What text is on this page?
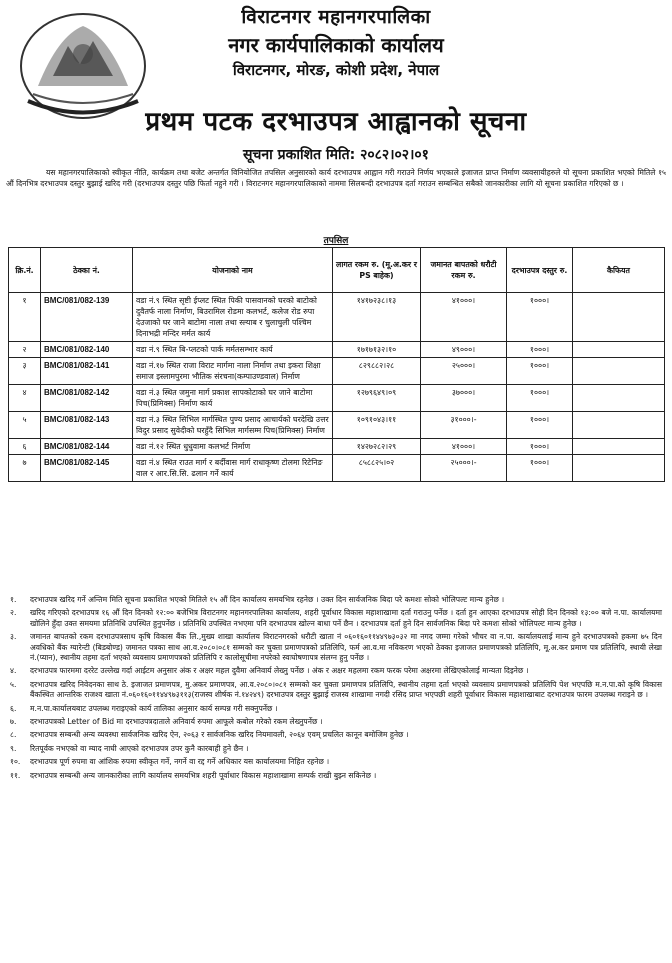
विराटनगर महानगरपालिका
नगर कार्यपालिकाको कार्यालय
विराटनगर, मोरङ, कोशी प्रदेश, नेपाल
प्रथम पटक दरभाउपत्र आह्वानको सूचना
सूचना प्रकाशित मिति: २०८२।०२।०१
यस महानगरपालिकाको स्वीकृत नीति, कार्यक्रम तथा बजेट अन्तर्गत विनियोजित तपसिल अनुसारको कार्य दरभाउपत्र आह्वान गरी गराउने निर्णय भएकाले इजाजत प्राप्त निर्माण व्यवसायीहरुले यो सूचना प्रकाशित भएको मितिले १५ औं दिनभित्र दरभाउपत्र दस्तुर बुझाई खरिद गरी (दरभाउपत्र दस्तुर पछि फिर्ता नहुने गरी । विराटनगर महानगरपालिकाको नाममा सिलबन्दी दरभाउपत्र दर्ता गराउन सम्बन्धित सबैको जानकारीका लागि यो सूचना प्रकाशित गरिएको छ ।
तपसिल
क्रि.नं.	ठेक्का नं.	योजनाको नाम	लागत रकम रु. (मू.अ.कर र PS बाहेक)	जमानत बापतको धरौटी रकम रु.	दरभाउपत्र दस्तुर रु.	कैफियत
१	BMC/081/082-139	वडा नं.९ स्थित सृष्टी ईप्लट स्थित पिकी पासवानको घरको बाटोको दुवैतर्फ नाला निर्माण, बिउरामिल रोडमा कलभर्ट, कलेज रोड रुपा देउजाको घर जाने बाटोमा नाला तथा स्ल्याब र चुलाचुली पश्चिम दिनाभद्री मन्दिर मर्मत कार्य	१४१७२३८।१३	४१०००।	१०००।	
२	BMC/081/082-140	वडा नं.९ स्थित बि-प्लटको पार्क मर्मतसम्भार कार्य	१७१७१३२।१०	४९०००।	१०००।	
३	BMC/081/082-141	वडा नं.१७ स्थित राजा विराट मार्गमा नाला निर्माण तथा इकरा शिक्षा समाज इस्लामपुरमा भौतिक संरचना(कम्पाउण्डवाल) निर्माण	८२९८८२।२८	२५०००।	१०००।	
४	BMC/081/082-142	वडा नं.३ स्थित जमुना मार्ग प्रकाश सापकोटाको घर जाने बाटोमा पिच(प्रिमिक्स) निर्माण कार्य	१२७९६४९।०९	३७०००।	१०००।	
५	BMC/081/082-143	वडा नं.३ स्थित सिभिल मार्गस्थित पुण्य प्रसाद आचार्यको घरदेखि उत्तर विदुर प्रसाद सुवेदीको घरहुँदै सिभिल मार्गसम्म पिच(प्रिमिक्स) निर्माण	१०९१०४३।११	३१०००।-	१०००।	
६	BMC/081/082-144	वडा नं.१२ स्थित धुधुवामा कलभर्ट निर्माण	१४२७२८२।२९	४१०००।	१०००।	
७	BMC/081/082-145	वडा नं.४ स्थित राउत मार्ग र बर्दीवास मार्ग राधाकृष्ण टोलमा रिटेनिङ वाल र आर.सि.सि. ढलान गर्ने कार्य	८५८८२५।०२	२५०००।-	१०००।	
१.	दरभाउपत्र खरिद गर्ने अन्तिम मिति सूचना प्रकाशित भएको मितिले १५ औं दिन कार्यालय समयभित्र रहनेछ । उक्त दिन सार्वजनिक बिदा परे कमशः सोको भोलिपल्ट मान्य हुनेछ ।
२.	खरिद गरिएको दरभाउपत्र १६ औं दिन दिनको १२:०० बजेभित्र विराटनगर महानगरपालिका कार्यालय, शहरी पूर्वाधार विकास महाशाखामा दर्ता गराउनु पर्नेछ । दर्ता हुन आएका दरभाउपत्र सोही दिन दिनको १३:०० बजे न.पा. कार्यालयमा खोलिने हुँदा उक्त समयमा प्रतिनिधि उपस्थित हुनुपर्नेछ । प्रतिनिधि उपस्थित नभएमा पनि दरभाउपत्र खोल्न बाधा पर्ने छैन । दरभाउपत्र दर्ता हुने दिन सार्वजनिक बिदा परे कमशः सोको भोलिपल्ट मान्य हुनेछ ।
३.	जमानत बापतको रकम दरभाउपत्रसाथ कृषि विकास बैंक लि.,मुख्य शाखा कार्यालय विराटनगरको धरौटी खाता नं ०६०१६०११४४९७३०३२ मा नगद जम्मा गरेको भौचर वा न.पा. कार्यालयलाई मान्य हुने दरभाउपत्रको हकमा ७५ दिन अवधिको बैंक ग्यारेन्टी (बिडबोण्ड) जमानत पत्रका साथ आ.व.२०८०।०८१ सम्मको कर चुक्ता प्रमाणपत्रको प्रतिलिपि, फर्म आ.व.मा नविकरण भएको ठेक्का इजाजत प्रमाणपत्रको प्रतिलिपि, मू.अ.कर प्रमाण पत्र प्रतिलिपि, स्थायी लेखा नं.(प्यान), स्थानीय तहमा दर्ता भएको व्यवसाय प्रमाणपत्रको प्रतिलिपि र कालोसूचीमा नपरेको स्वःघोषणापत्र संलग्न हुनु पर्नेछ ।
४.	दरभाउपत्र फारममा दररेट उल्लेख गर्दा आईटम अनुसार अंक र अक्षर महल दुवैमा अनिवार्य लेख्नु पर्नेछ । अंक र अक्षर महलमा रकम फरक परेमा अक्षरमा लेखिएकोलाई मान्यता दिइनेछ ।
५.	दरभाउपत्र खरिद निवेदनका साथ ठे. इजाजत प्रमाणपत्र, मु.अकर प्रमाणपत्र, आ.व.२०८०।०८१ सम्मको कर चुक्ता प्रमाणपत्र प्रतिलिपि, स्थानीय तहमा दर्ता भएको व्यवसाय प्रमाणपत्रको प्रतिलिपि पेश भएपछि म.न.पा.को कृषि विकास बैंकस्थित आन्तरिक राजश्व खाता नं.०६०१६०११४४९७३११३(राजस्व शीर्षक नं.१४२४९) दरभाउपत्र दस्तुर बुझाई राजस्व शाखामा नगदी रसिद प्राप्त भएपछी शहरी पूर्वाधार विकास महाशाखाबाट दरभाउपत्र फारम उपलब्ध गराइने छ ।
६.	म.न.पा.कार्यालयबाट उपलब्ध गराइएको कार्य तालिका अनुसार कार्य सम्पन्न गरी सक्नुपर्नेछ ।
७.	दरभाउपत्रको Letter of Bid मा दरभाउपत्रदाताले अनिवार्य रुपमा आफूले कबोल गरेको रकम लेख्नुपर्नेछ ।
८.	दरभाउपत्र सम्बन्धी अन्य व्यवस्था सार्वजनिक खरिद ऐन, २०६३ र सार्वजनिक खरिद नियमावली, २०६४ एवम् प्रचलित कानून बमोजिम हुनेछ ।
९.	रितपूर्वक नभएको वा म्याद नाघी आएको दरभाउपत्र उपर कुनै कारबाही हुने छैन ।
१०.	दरभाउपत्र पूर्ण रुपमा वा आंशिक रुपमा स्वीकृत गर्ने, नगर्ने वा रद्द गर्ने अधिकार यस कार्यालयमा निहित रहनेछ ।
११.	दरभाउपत्र सम्बन्धी अन्य जानकारीका लागि कार्यालय समयभित्र शहरी पूर्वाधार विकास महाशाखामा सम्पर्क राखी बुझ्न सकिनेछ ।
